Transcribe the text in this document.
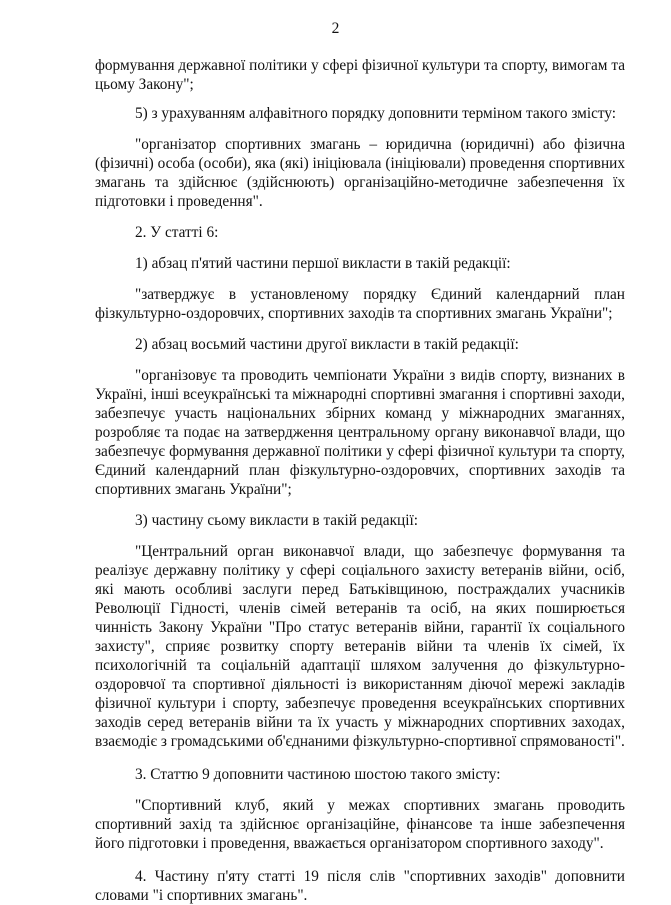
2

формування державної політики у сфері фізичної культури та спорту, вимогам та цьому Закону";

5) з урахуванням алфавітного порядку доповнити терміном такого змісту:

"організатор спортивних змагань – юридична (юридичні) або фізична (фізичні) особа (особи), яка (які) ініціювала (ініціювали) проведення спортивних змагань та здійснює (здійснюють) організаційно-методичне забезпечення їх підготовки і проведення".

2. У статті 6:

1) абзац п'ятий частини першої викласти в такій редакції:

"затверджує в установленому порядку Єдиний календарний план фізкультурно-оздоровчих, спортивних заходів та спортивних змагань України";

2) абзац восьмий частини другої викласти в такій редакції:

"організовує та проводить чемпіонати України з видів спорту, визнаних в Україні, інші всеукраїнські та міжнародні спортивні змагання і спортивні заходи, забезпечує участь національних збірних команд у міжнародних змаганнях, розробляє та подає на затвердження центральному органу виконавчої влади, що забезпечує формування державної політики у сфері фізичної культури та спорту, Єдиний календарний план фізкультурно-оздоровчих, спортивних заходів та спортивних змагань України";

3) частину сьому викласти в такій редакції:

"Центральний орган виконавчої влади, що забезпечує формування та реалізує державну політику у сфері соціального захисту ветеранів війни, осіб, які мають особливі заслуги перед Батьківщиною, постраждалих учасників Революції Гідності, членів сімей ветеранів та осіб, на яких поширюється чинність Закону України "Про статус ветеранів війни, гарантії їх соціального захисту", сприяє розвитку спорту ветеранів війни та членів їх сімей, їх психологічній та соціальній адаптації шляхом залучення до фізкультурно-оздоровчої та спортивної діяльності із використанням діючої мережі закладів фізичної культури і спорту, забезпечує проведення всеукраїнських спортивних заходів серед ветеранів війни та їх участь у міжнародних спортивних заходах, взаємодіє з громадськими об'єднаними фізкультурно-спортивної спрямованості".

3. Статтю 9 доповнити частиною шостою такого змісту:

"Спортивний клуб, який у межах спортивних змагань проводить спортивний захід та здійснює організаційне, фінансове та інше забезпечення його підготовки і проведення, вважається організатором спортивного заходу".

4. Частину п'яту статті 19 після слів "спортивних заходів" доповнити словами "і спортивних змагань".
